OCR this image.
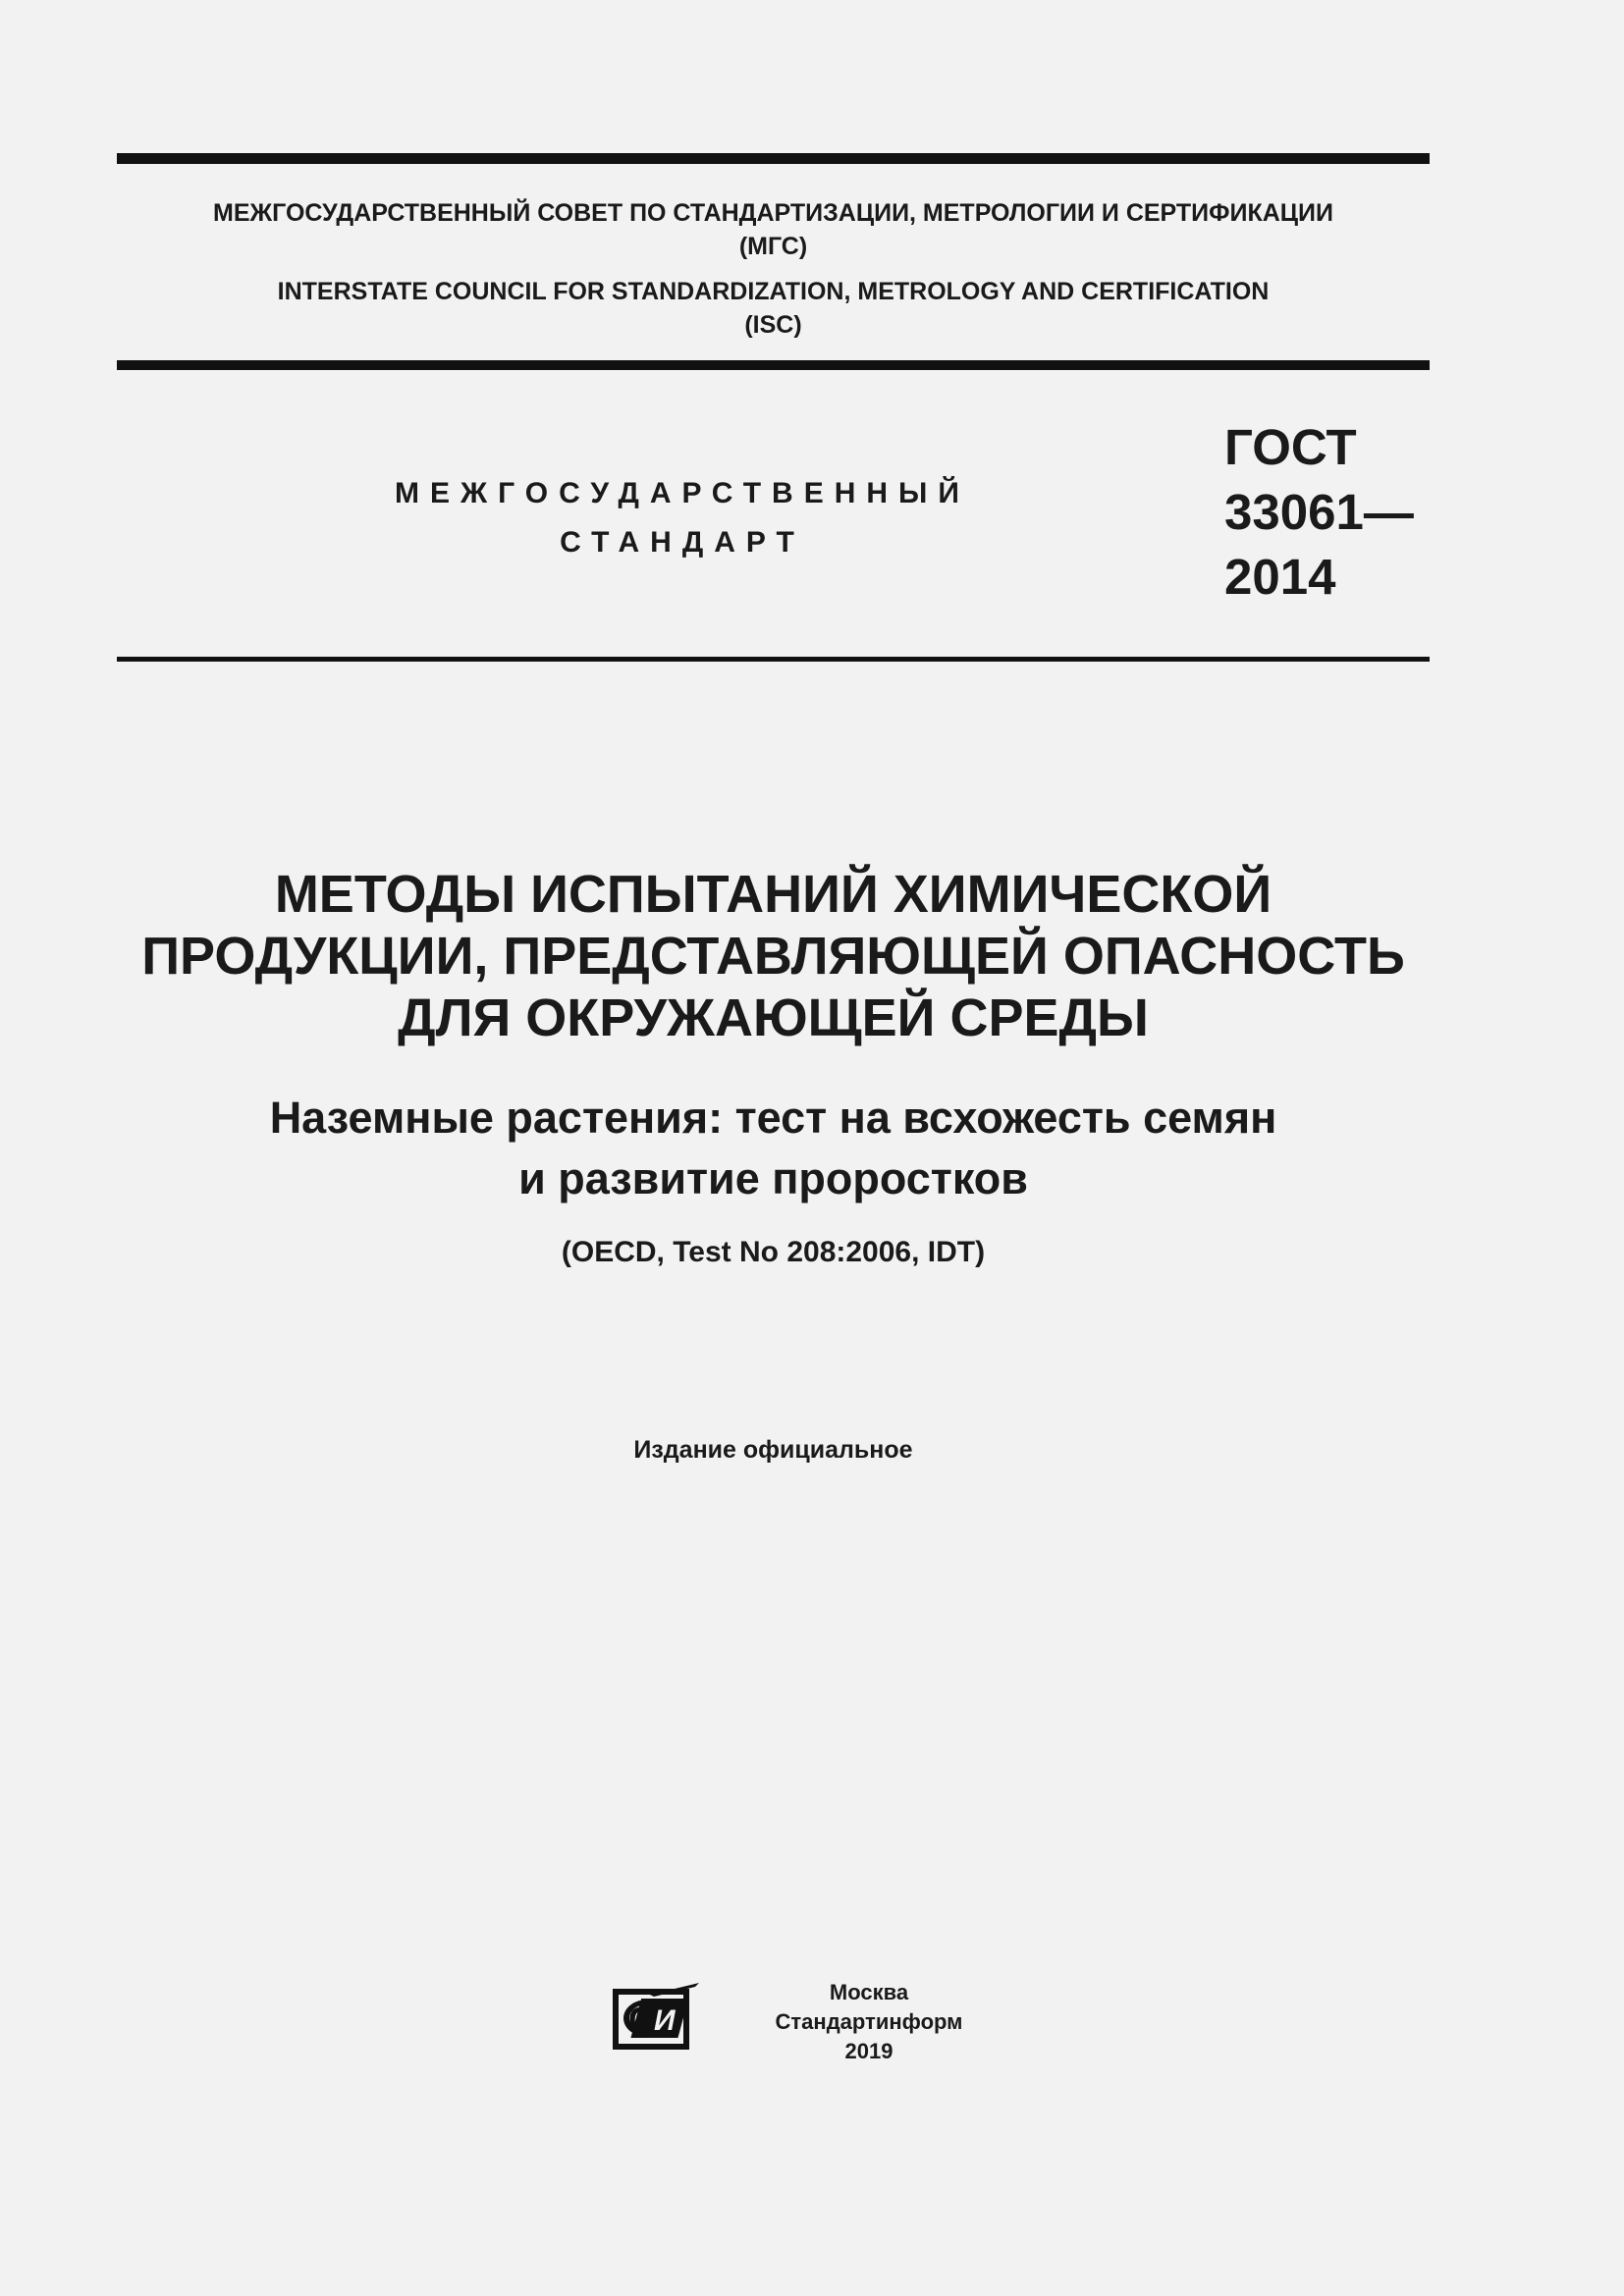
МЕЖГОСУДАРСТВЕННЫЙ СОВЕТ ПО СТАНДАРТИЗАЦИИ, МЕТРОЛОГИИ И СЕРТИФИКАЦИИ
(МГС)
INTERSTATE COUNCIL FOR STANDARDIZATION, METROLOGY AND CERTIFICATION
(ISC)
МЕЖГОСУДАРСТВЕННЫЙ
СТАНДАРТ
ГОСТ
33061—
2014
МЕТОДЫ ИСПЫТАНИЙ ХИМИЧЕСКОЙ
ПРОДУКЦИИ, ПРЕДСТАВЛЯЮЩЕЙ ОПАСНОСТЬ
ДЛЯ ОКРУЖАЮЩЕЙ СРЕДЫ
Наземные растения: тест на всхожесть семян
и развитие проростков
(OECD, Test No 208:2006, IDT)
Издание официальное
С И
Москва
Стандартинформ
2019
